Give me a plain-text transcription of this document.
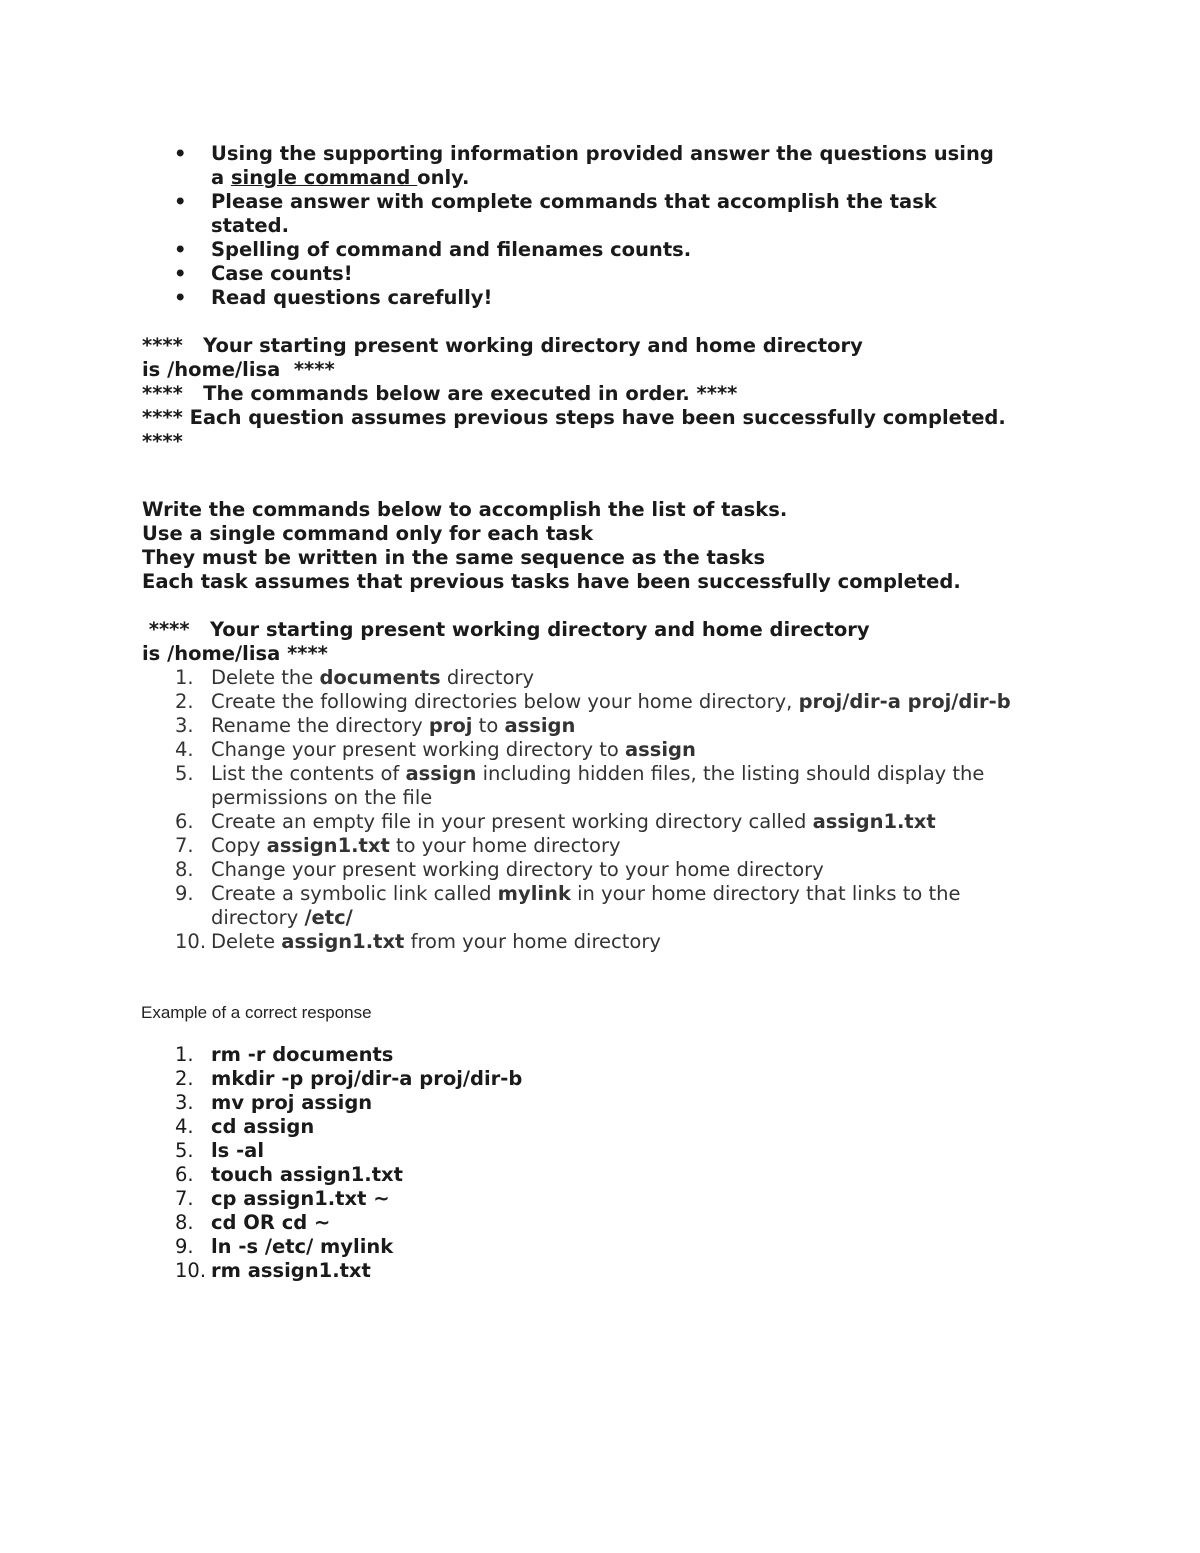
• Using the supporting information provided answer the questions using
a single command only.
• Please answer with complete commands that accomplish the task
stated.
• Spelling of command and filenames counts.
• Case counts!
• Read questions carefully!
****   Your starting present working directory and home directory
is /home/lisa  ****
****   The commands below are executed in order. ****
**** Each question assumes previous steps have been successfully completed.
****
Write the commands below to accomplish the list of tasks.
Use a single command only for each task
They must be written in the same sequence as the tasks
Each task assumes that previous tasks have been successfully completed.
****   Your starting present working directory and home directory
is /home/lisa ****
1. Delete the documents directory
2. Create the following directories below your home directory, proj/dir-a proj/dir-b
3. Rename the directory proj to assign
4. Change your present working directory to assign
5. List the contents of assign including hidden files, the listing should display the
permissions on the file
6. Create an empty file in your present working directory called assign1.txt
7. Copy assign1.txt to your home directory
8. Change your present working directory to your home directory
9. Create a symbolic link called mylink in your home directory that links to the
directory /etc/
10. Delete assign1.txt from your home directory
Example of a correct response
1. rm -r documents
2. mkdir -p proj/dir-a proj/dir-b
3. mv proj assign
4. cd assign
5. ls -al
6. touch assign1.txt
7. cp assign1.txt ~
8. cd OR cd ~
9. ln -s /etc/ mylink
10. rm assign1.txt
